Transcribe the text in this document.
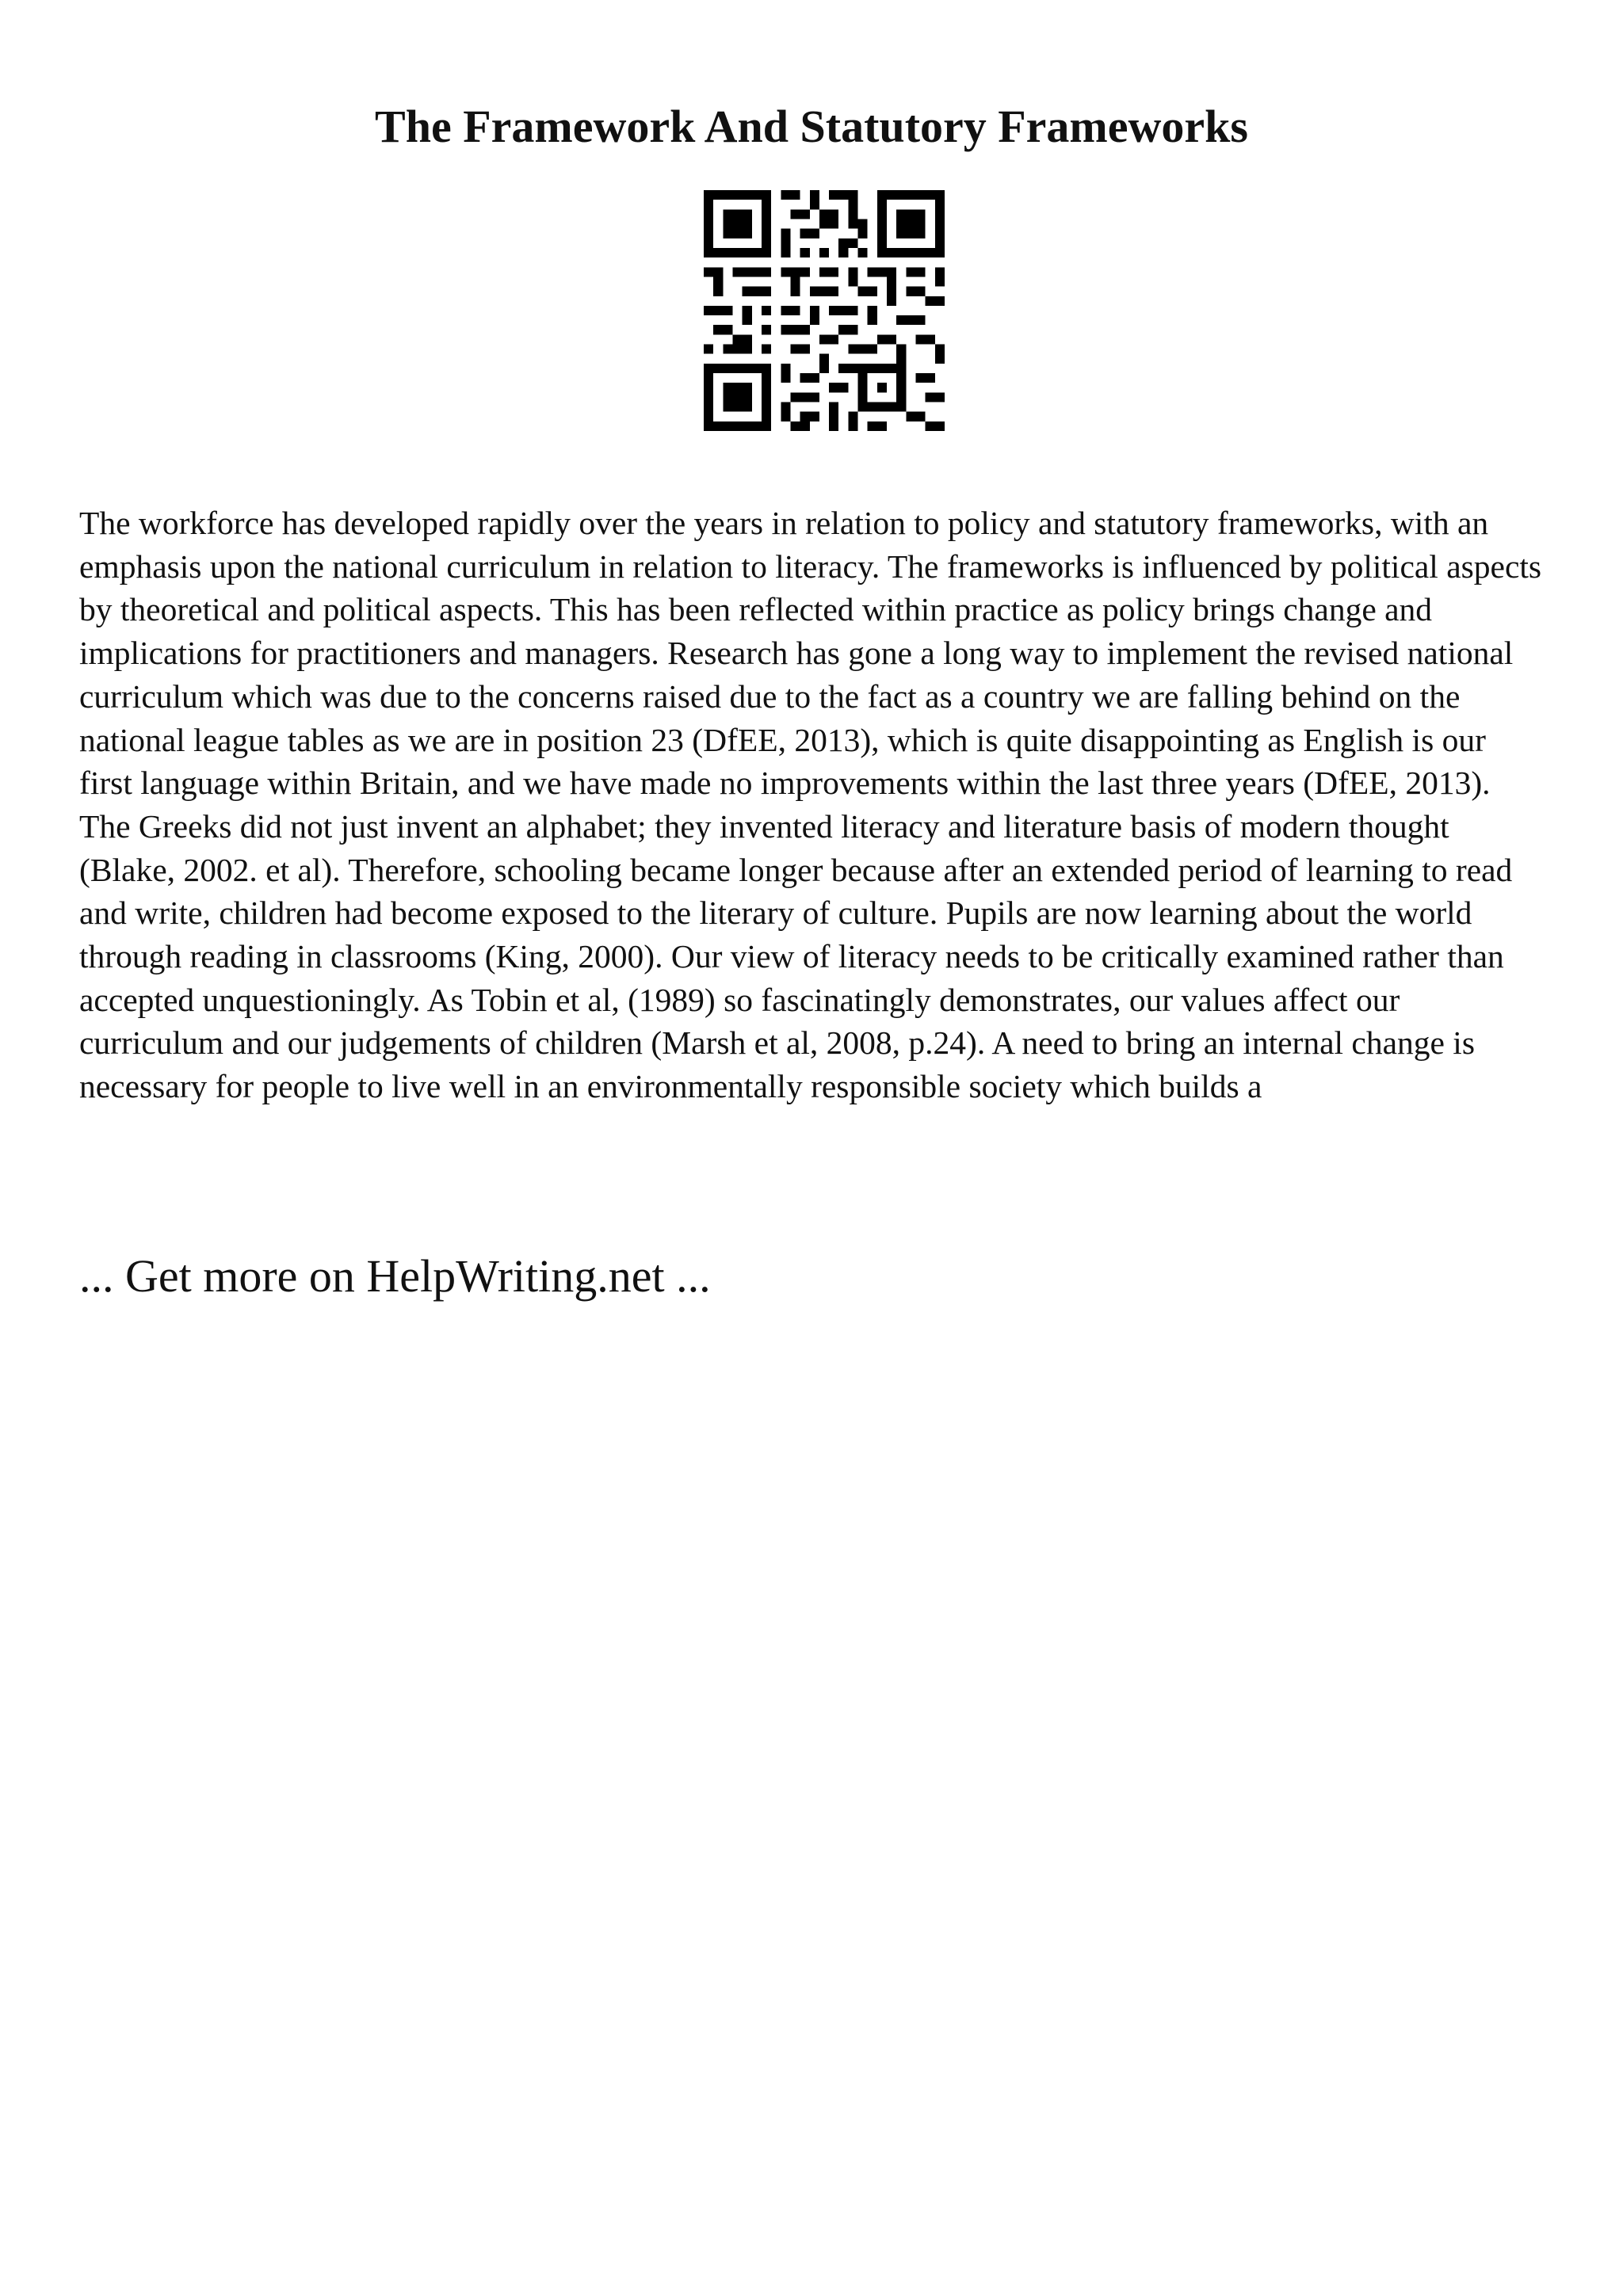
The Framework And Statutory Frameworks

The workforce has developed rapidly over the years in relation to policy and statutory frameworks, with an emphasis upon the national curriculum in relation to literacy. The frameworks is influenced by political aspects by theoretical and political aspects. This has been reflected within practice as policy brings change and implications for practitioners and managers. Research has gone a long way to implement the revised national curriculum which was due to the concerns raised due to the fact as a country we are falling behind on the national league tables as we are in position 23 (DfEE, 2013), which is quite disappointing as English is our first language within Britain, and we have made no improvements within the last three years (DfEE, 2013). The Greeks did not just invent an alphabet; they invented literacy and literature basis of modern thought (Blake, 2002. et al). Therefore, schooling became longer because after an extended period of learning to read and write, children had become exposed to the literary of culture. Pupils are now learning about the world through reading in classrooms (King, 2000). Our view of literacy needs to be critically examined rather than accepted unquestioningly. As Tobin et al, (1989) so fascinatingly demonstrates, our values affect our curriculum and our judgements of children (Marsh et al, 2008, p.24). A need to bring an internal change is necessary for people to live well in an environmentally responsible society which builds a

... Get more on HelpWriting.net ...
